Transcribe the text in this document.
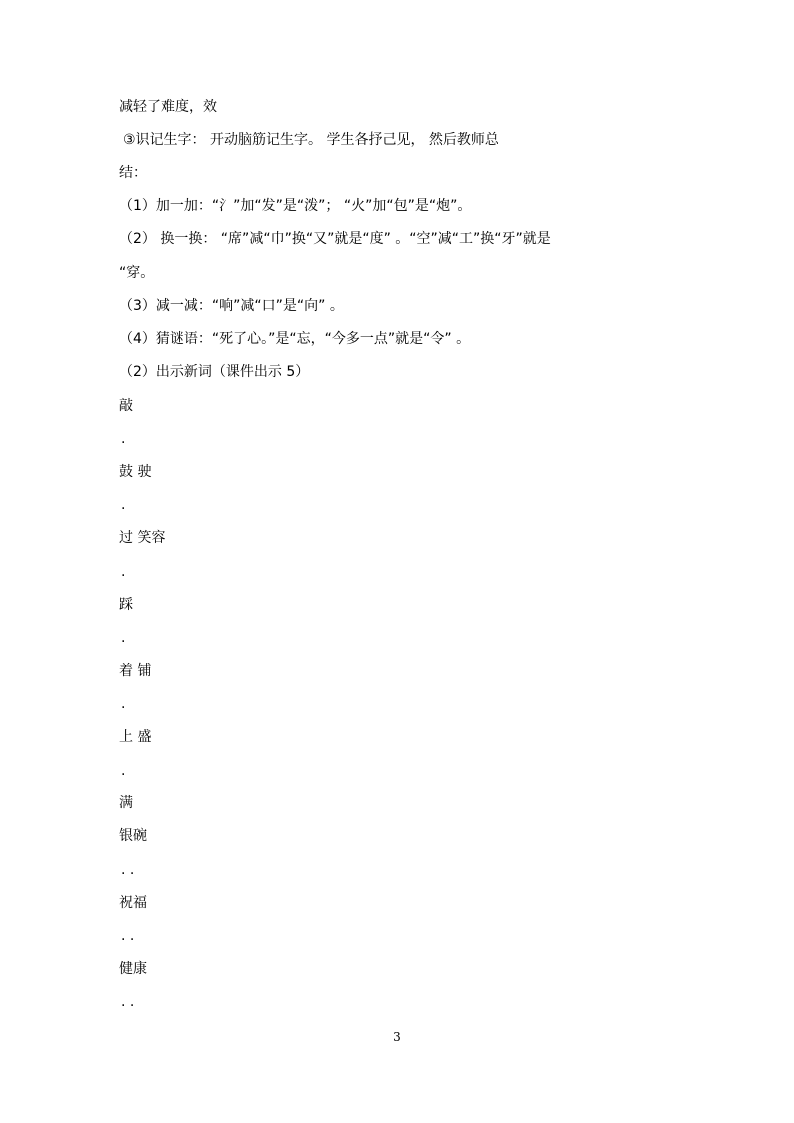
减轻了难度，效
③识记生字： 开动脑筋记生字。 学生各抒己见， 然后教师总
结：
（1）加一加：“氵”加“发”是“泼”； “火”加“包”是“炮”。
（2） 换一换： “席”减“巾”换“又”就是“度” 。“空”减“工”换“牙”就是
“穿。
（3）减一减：“响”减“口”是“向” 。
（4）猜谜语：“死了心。”是“忘，“今多一点”就是“令” 。
（2）出示新词（课件出示 5）
敲
.
鼓 驶
.
过 笑容
.
踩
.
着 铺
.
上 盛
.
满
银碗
. .
祝福
. .
健康
. .
3
